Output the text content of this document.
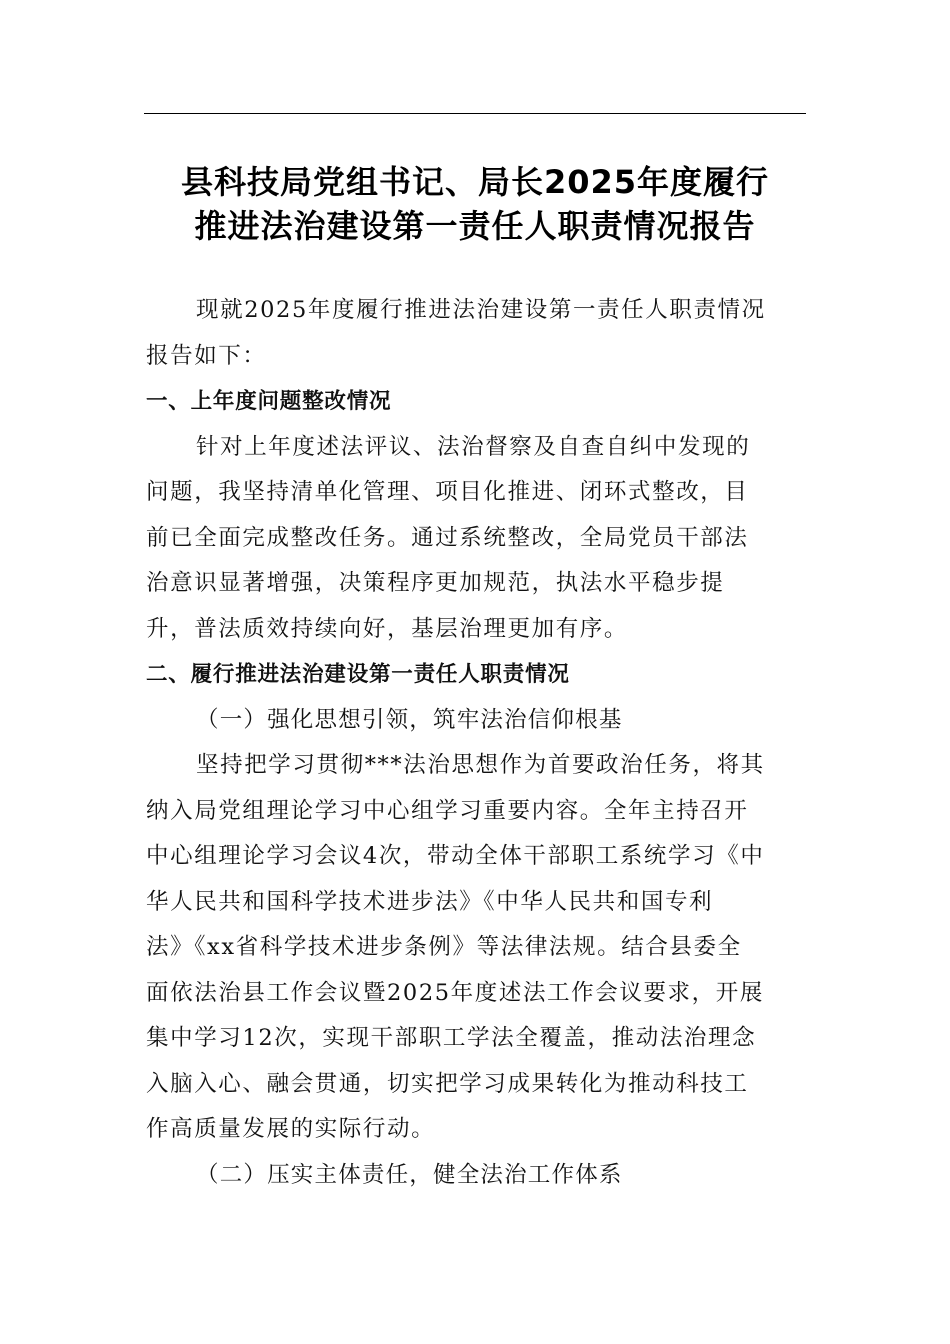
县科技局党组书记、局长2025年度履行
推进法治建设第一责任人职责情况报告

现就2025年度履行推进法治建设第一责任人职责情况
报告如下：

一、上年度问题整改情况

针对上年度述法评议、法治督察及自查自纠中发现的
问题，我坚持清单化管理、项目化推进、闭环式整改，目
前已全面完成整改任务。通过系统整改，全局党员干部法
治意识显著增强，决策程序更加规范，执法水平稳步提
升，普法质效持续向好，基层治理更加有序。

二、履行推进法治建设第一责任人职责情况

（一）强化思想引领，筑牢法治信仰根基

坚持把学习贯彻***法治思想作为首要政治任务，将其
纳入局党组理论学习中心组学习重要内容。全年主持召开
中心组理论学习会议4次，带动全体干部职工系统学习《中
华人民共和国科学技术进步法》《中华人民共和国专利
法》《xx省科学技术进步条例》等法律法规。结合县委全
面依法治县工作会议暨2025年度述法工作会议要求，开展
集中学习12次，实现干部职工学法全覆盖，推动法治理念
入脑入心、融会贯通，切实把学习成果转化为推动科技工
作高质量发展的实际行动。

（二）压实主体责任，健全法治工作体系
